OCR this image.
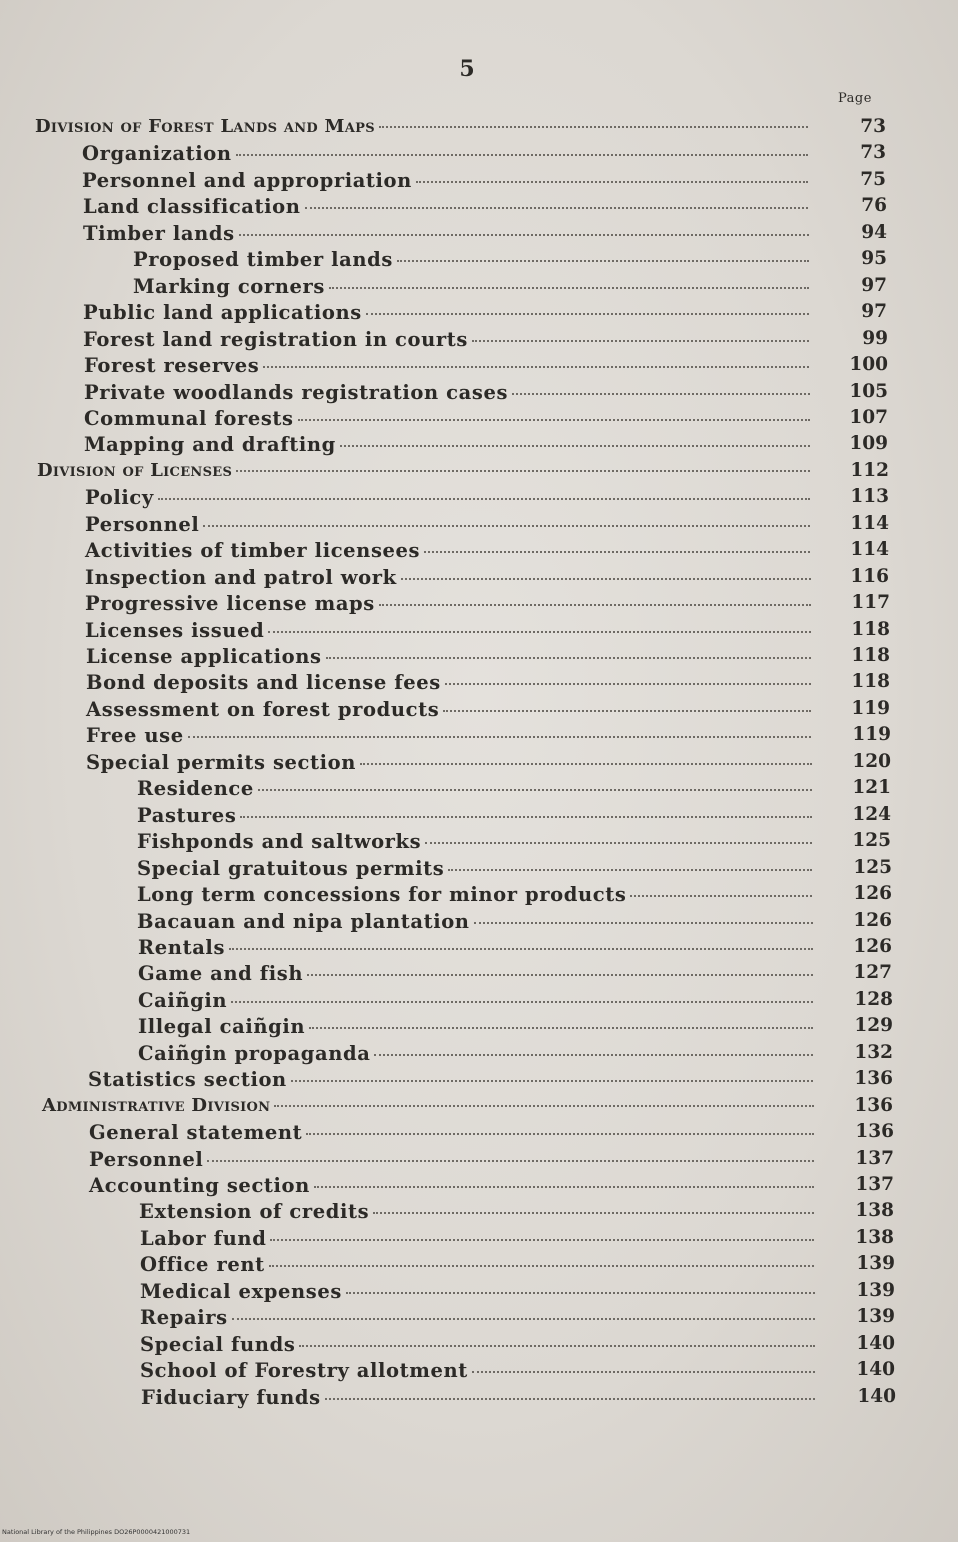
5
Page
Division of Forest Lands and Maps	73
Organization	73
Personnel and appropriation	75
Land classification	76
Timber lands	94
Proposed timber lands	95
Marking corners	97
Public land applications	97
Forest land registration in courts	99
Forest reserves	100
Private woodlands registration cases	105
Communal forests	107
Mapping and drafting	109
Division of Licenses	112
Policy	113
Personnel	114
Activities of timber licensees	114
Inspection and patrol work	116
Progressive license maps	117
Licenses issued	118
License applications	118
Bond deposits and license fees	118
Assessment on forest products	119
Free use	119
Special permits section	120
Residence	121
Pastures	124
Fishponds and saltworks	125
Special gratuitous permits	125
Long term concessions for minor products	126
Bacauan and nipa plantation	126
Rentals	126
Game and fish	127
Caiñgin	128
Illegal caiñgin	129
Caiñgin propaganda	132
Statistics section	136
Administrative Division	136
General statement	136
Personnel	137
Accounting section	137
Extension of credits	138
Labor fund	138
Office rent	139
Medical expenses	139
Repairs	139
Special funds	140
School of Forestry allotment	140
Fiduciary funds	140
National Library of the Philippines DO26P0000421000731
